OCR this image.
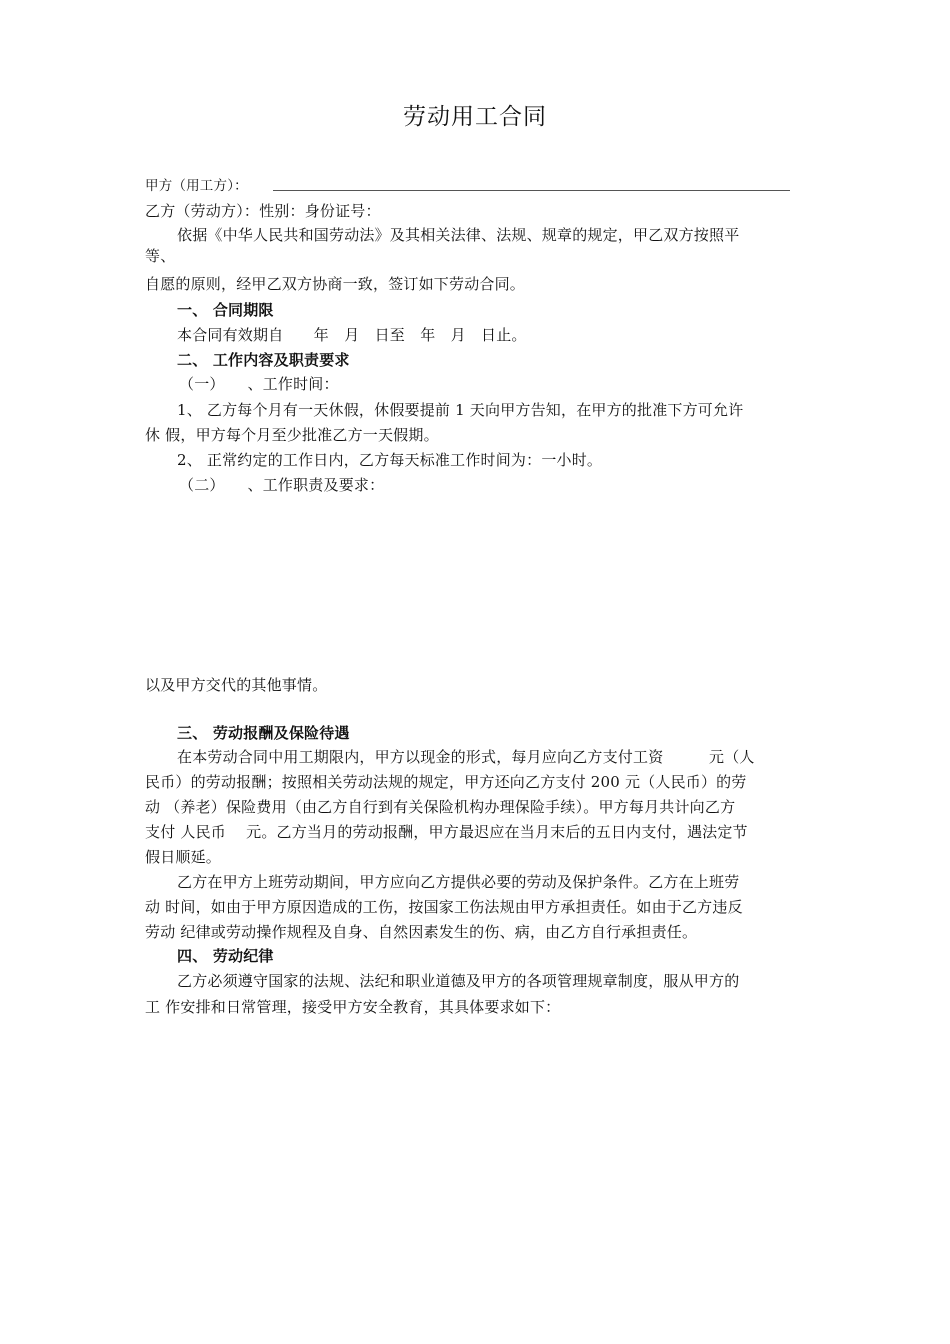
劳动用工合同
甲方（用工方）：
乙方（劳动方）：性别：身份证号：
依据《中华人民共和国劳动法》及其相关法律、法规、规章的规定，甲乙双方按照平
等、
自愿的原则，经甲乙双方协商一致，签订如下劳动合同。
一、 合同期限
本合同有效期自　　年　月　日至　年　月　日止。
二、 工作内容及职责要求
（一）　　、工作时间：
1、 乙方每个月有一天休假，休假要提前 1 天向甲方告知，在甲方的批准下方可允许
休 假，甲方每个月至少批准乙方一天假期。
2、 正常约定的工作日内，乙方每天标准工作时间为：一小时。
（二）　　、工作职责及要求：
以及甲方交代的其他事情。
三、 劳动报酬及保险待遇
在本劳动合同中用工期限内，甲方以现金的形式，每月应向乙方支付工资　　　元（人
民币）的劳动报酬；按照相关劳动法规的规定，甲方还向乙方支付 200 元（人民币）的劳
动 （养老）保险费用（由乙方自行到有关保险机构办理保险手续）。甲方每月共计向乙方
支付 人民币　 元。乙方当月的劳动报酬，甲方最迟应在当月末后的五日内支付，遇法定节
假日顺延。
乙方在甲方上班劳动期间，甲方应向乙方提供必要的劳动及保护条件。乙方在上班劳
动 时间，如由于甲方原因造成的工伤，按国家工伤法规由甲方承担责任。如由于乙方违反
劳动 纪律或劳动操作规程及自身、自然因素发生的伤、病，由乙方自行承担责任。
四、 劳动纪律
乙方必须遵守国家的法规、法纪和职业道德及甲方的各项管理规章制度，服从甲方的
工 作安排和日常管理，接受甲方安全教育，其具体要求如下：
